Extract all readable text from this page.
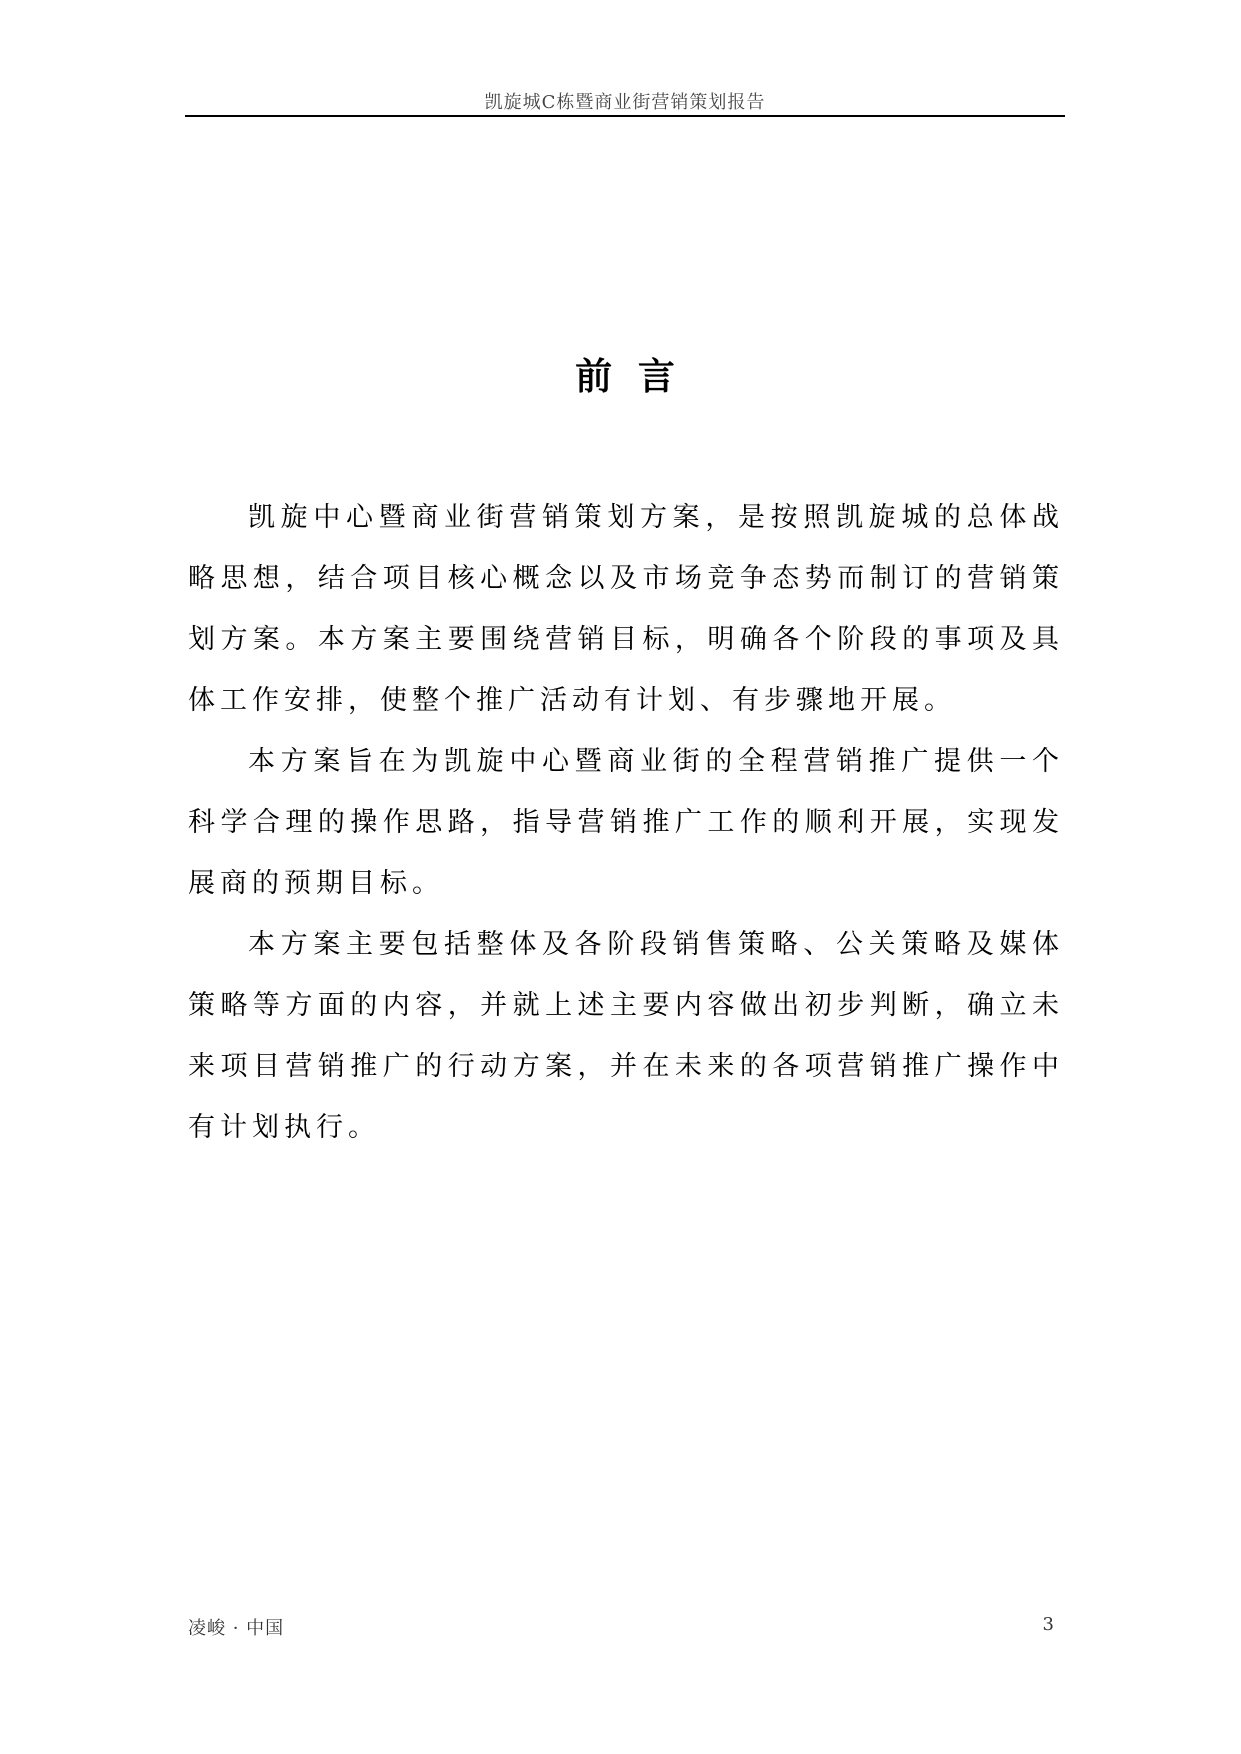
凯旋城C栋暨商业街营销策划报告
前  言

凯旋中心暨商业街营销策划方案，是按照凯旋城的总体战略思想，结合项目核心概念以及市场竞争态势而制订的营销策划方案。本方案主要围绕营销目标，明确各个阶段的事项及具体工作安排，使整个推广活动有计划、有步骤地开展。

本方案旨在为凯旋中心暨商业街的全程营销推广提供一个科学合理的操作思路，指导营销推广工作的顺利开展，实现发展商的预期目标。

本方案主要包括整体及各阶段销售策略、公关策略及媒体策略等方面的内容，并就上述主要内容做出初步判断，确立未来项目营销推广的行动方案，并在未来的各项营销推广操作中有计划执行。

凌峻 · 中国	3
